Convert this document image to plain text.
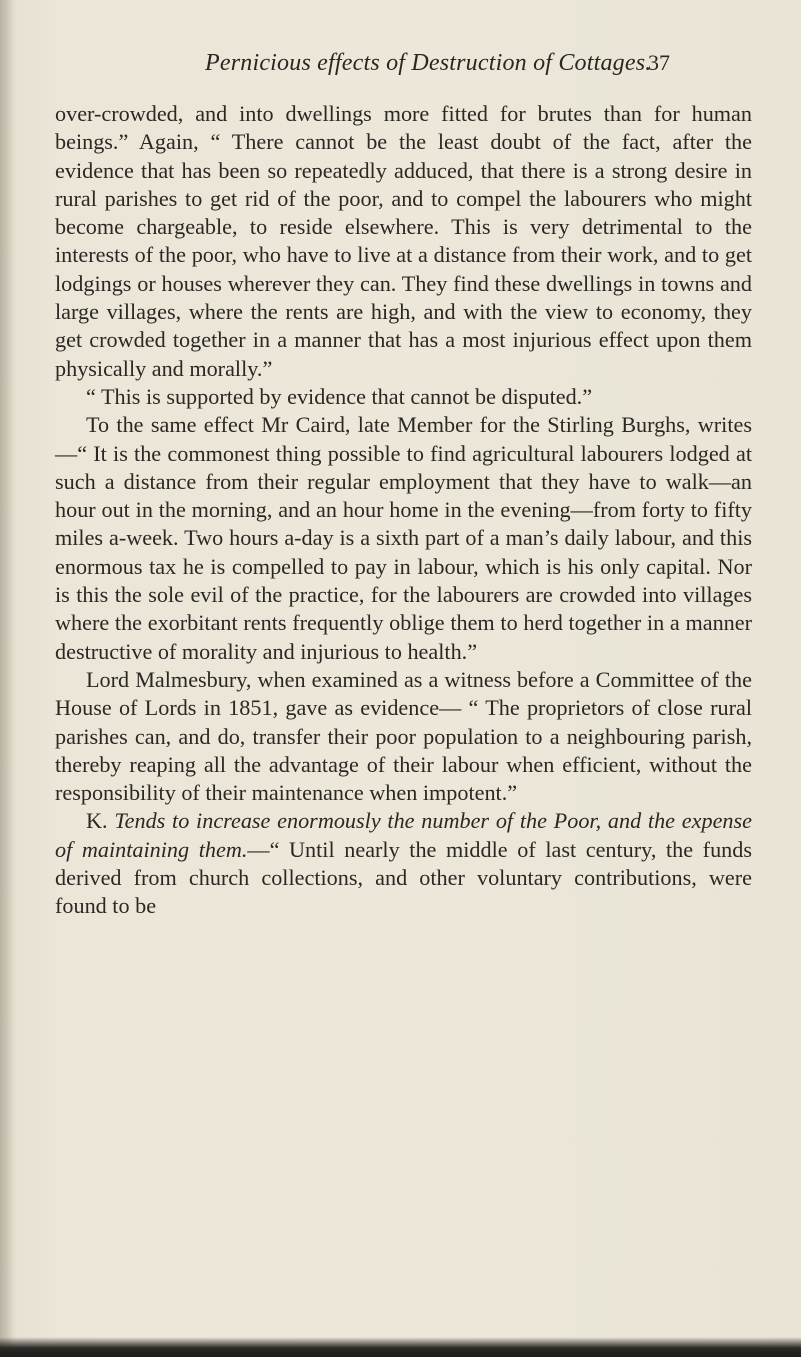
Pernicious effects of Destruction of Cottages.
37

over-crowded, and into dwellings more fitted for brutes than for human beings.” Again, “ There cannot be the least doubt of the fact, after the evidence that has been so repeatedly adduced, that there is a strong desire in rural parishes to get rid of the poor, and to compel the labourers who might become chargeable, to reside elsewhere. This is very detrimental to the interests of the poor, who have to live at a distance from their work, and to get lodgings or houses wherever they can. They find these dwellings in towns and large villages, where the rents are high, and with the view to economy, they get crowded together in a manner that has a most injurious effect upon them physically and morally.”

“ This is supported by evidence that cannot be disputed.”

To the same effect Mr Caird, late Member for the Stirling Burghs, writes—“ It is the commonest thing possible to find agricultural labourers lodged at such a distance from their regular employment that they have to walk—an hour out in the morning, and an hour home in the evening—from forty to fifty miles a-week. Two hours a-day is a sixth part of a man’s daily labour, and this enormous tax he is compelled to pay in labour, which is his only capital. Nor is this the sole evil of the practice, for the labourers are crowded into villages where the exorbitant rents frequently oblige them to herd together in a manner destructive of morality and injurious to health.”

Lord Malmesbury, when examined as a witness before a Committee of the House of Lords in 1851, gave as evidence— “ The proprietors of close rural parishes can, and do, transfer their poor population to a neighbouring parish, thereby reaping all the advantage of their labour when efficient, without the responsibility of their maintenance when impotent.”

K. Tends to increase enormously the number of the Poor, and the expense of maintaining them.—“ Until nearly the middle of last century, the funds derived from church collections, and other voluntary contributions, were found to be
